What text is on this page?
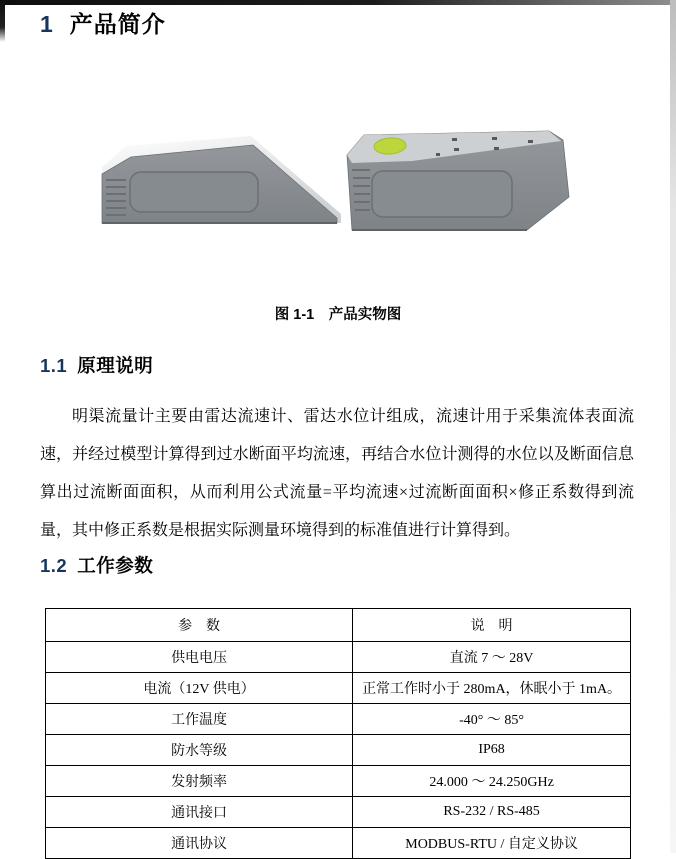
1 产品简介
图 1-1　产品实物图
1.1 原理说明

明渠流量计主要由雷达流速计、雷达水位计组成，流速计用于采集流体表面流速，并经过模型计算得到过水断面平均流速，再结合水位计测得的水位以及断面信息算出过流断面面积，从而利用公式流量=平均流速×过流断面面积×修正系数得到流量，其中修正系数是根据实际测量环境得到的标准值进行计算得到。

1.2 工作参数
参　数	说　明
供电电压	直流 7 ～ 28V
电流（12V 供电）	正常工作时小于 280mA，休眠小于 1mA。
工作温度	-40° ～ 85°
防水等级	IP68
发射频率	24.000 ～ 24.250GHz
通讯接口	RS-232 / RS-485
通讯协议	MODBUS-RTU / 自定义协议
